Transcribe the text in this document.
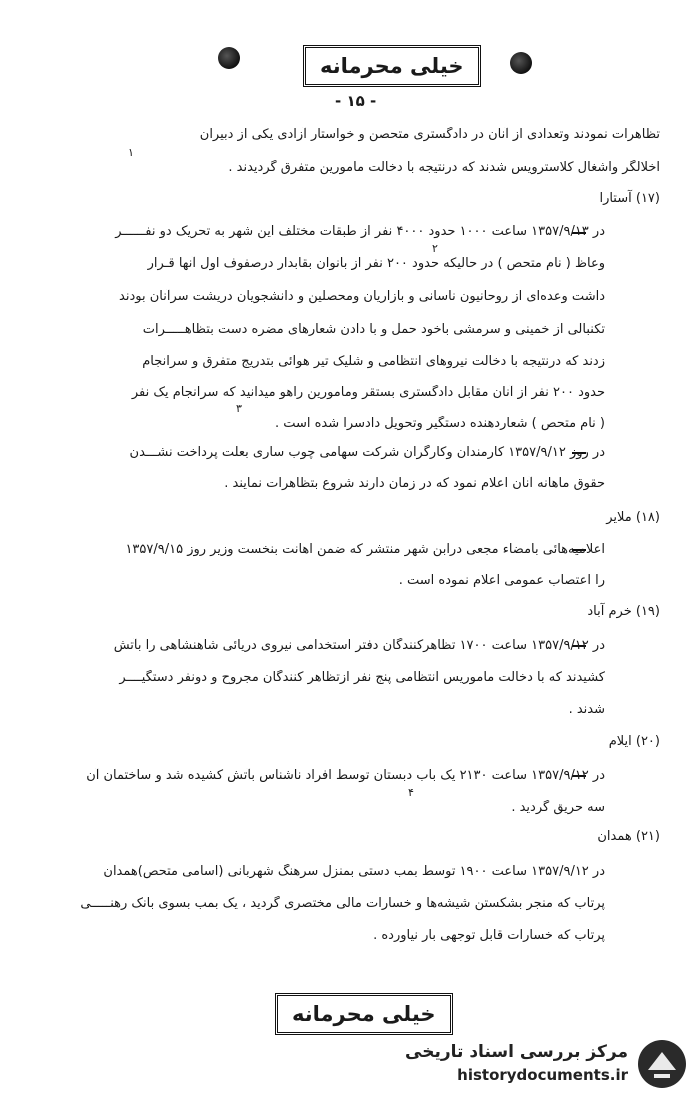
خیلی محرمانه
- ۱۵ -
تظاهرات نمودند وتعدادی از آنان در دادگستری متحصن و خواستار آزادی یکی از دبیران
اخلالگر واشغال کلاسترویس شدند که درنتیجه با دخالت مامورین متفرق گردیدند .
۱
(۱۷) آستارا
در ۱۳۵۷/۹/۱۳ ساعت ۱۰۰۰ حدود ۴۰۰۰ نفر از طبقات مختلف این شهر به تحریک دو نفــــــر
وعاظ ( نام متحص ) در حالیکه حدود ۲۰۰ نفر از بانوان بقابدار درصفوف اول آنها قـرار
داشت وعده‌ای از روحانیون ناسانی و بازاریان ومحصلین و دانشجویان دریشت سرآنان بودند
تکنبالی از خمینی و سرمشی باخود حمل و با دادن شعارهای مضره دست بتظاهـــــرات
زدند که درنتیجه با دخالت نیروهای انتظامی و شلیک تیر هوائی بتدریج متفرق و سرانجام
حدود ۲۰۰ نفر از آنان مقابل دادگستری بستقر ومامورین راهو میدانید که سرانجام یک نفر
( نام متحص ) شعاردهنده دستگیر وتحویل دادسرا شده است .
۲
۳
در روز ۱۳۵۷/۹/۱۲ کارمندان وکارگران شرکت سهامی چوب ساری بعلت پرداخت نشـــدن
حقوق ماهانه آنان اعلام نمود که در زمان دارند شروع بتظاهرات نمایند .
(۱۸) ملایر
اعلامیه‌هائی بامضاء مجعی درابن شهر منتشر که ضمن اهانت بنخست وزیر روز ۱۳۵۷/۹/۱۵
را اعتصاب عمومی اعلام نموده است .
(۱۹) خرم آباد
در ۱۳۵۷/۹/۱۲ ساعت ۱۷۰۰ تظاهرکنندگان دفتر استخدامی نیروی دریائی شاهنشاهی را بآتش
کشیدند که با دخالت ماموریس انتظامی پنج نفر ازتظاهر کنندگان مجروح و دونفر دستگیــــر
شدند .
(۲۰) ایلام
در ۱۳۵۷/۹/۱۲ ساعت ۲۱۳۰ یک باب دبستان توسط افراد ناشناس بآتش کشیده شد و ساختمان آن
سه حریق گردید .
۴
(۲۱) همدان
در ۱۳۵۷/۹/۱۲ ساعت ۱۹۰۰ توسط بمب دستی بمنزل سرهنگ شهربانی (اسامی متحص)همدان
پرتاب که منجر بشکستن شیشه‌ها و خسارات مالی مختصری گردید ، یک بمب بسوی بانک رهنـــــی
پرتاب که خسارات قابل توجهی بار نیاورده .
خیلی محرمانه
مرکز بررسی اسناد تاریخی
historydocuments.ir
